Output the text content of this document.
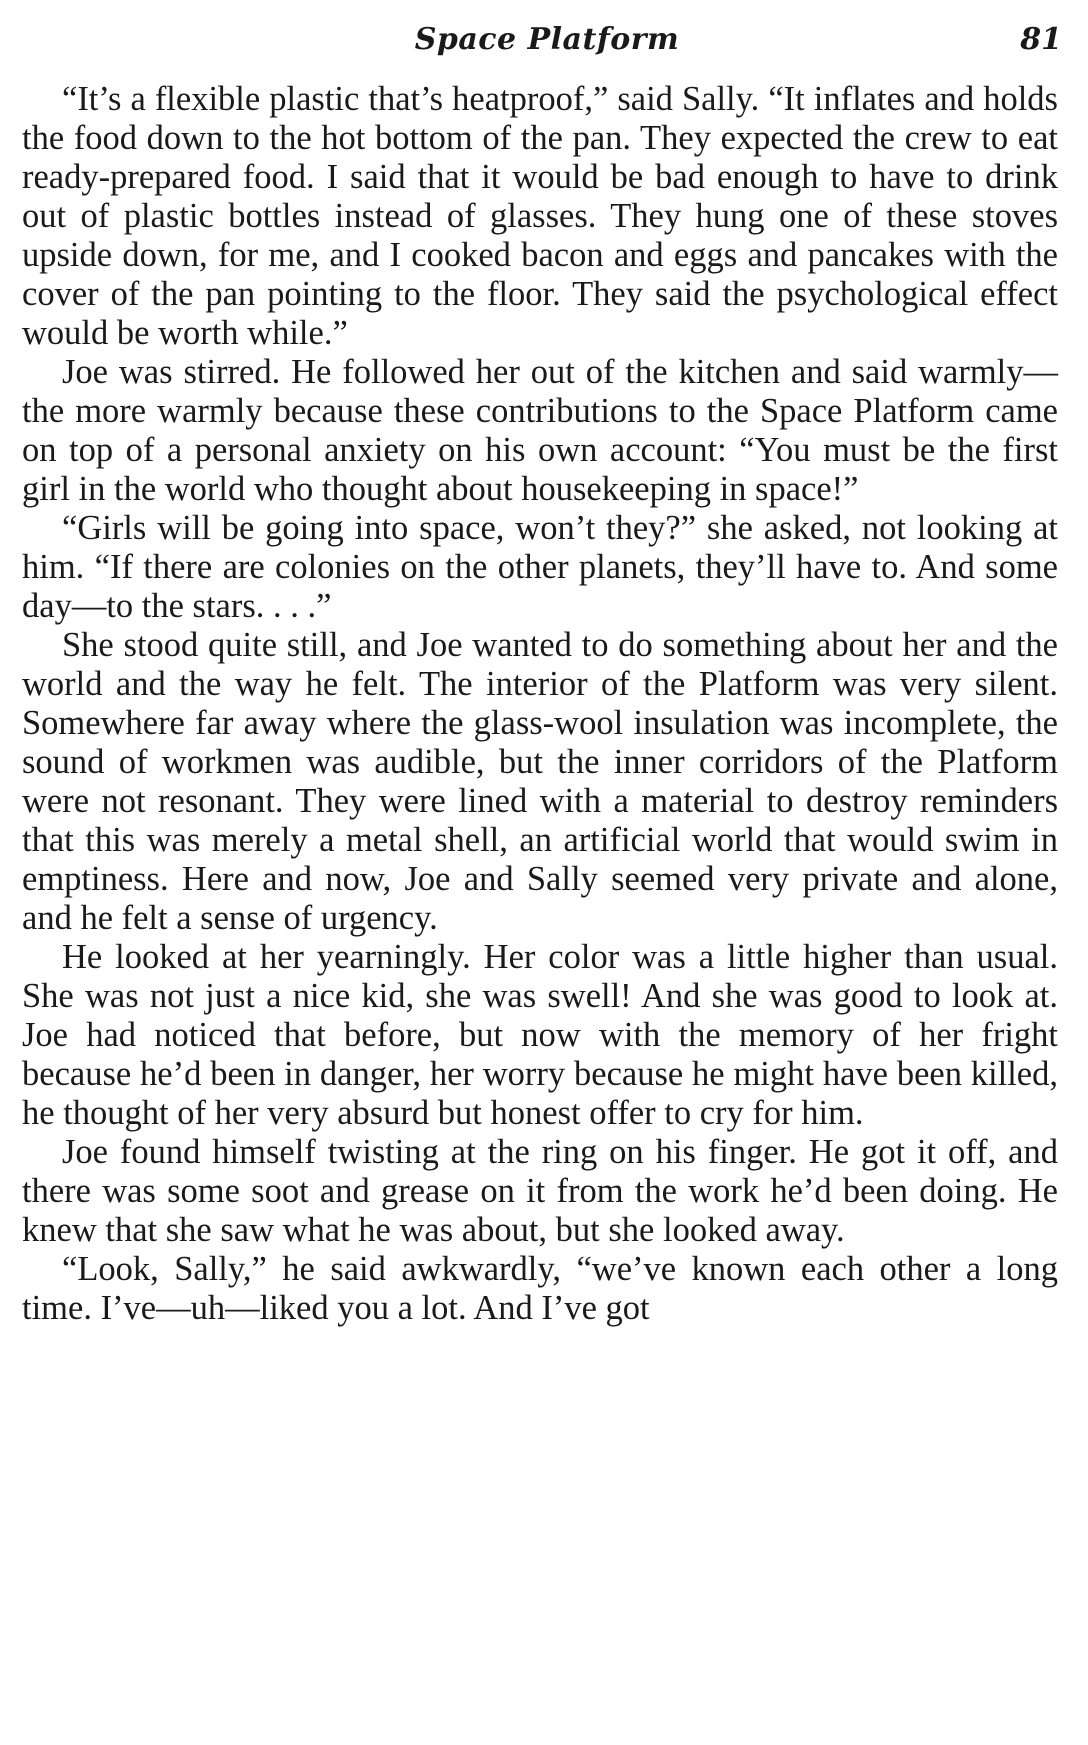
Space Platform	81

“It’s a flexible plastic that’s heatproof,” said Sally. “It inflates and holds the food down to the hot bottom of the pan. They expected the crew to eat ready-prepared food. I said that it would be bad enough to have to drink out of plastic bottles instead of glasses. They hung one of these stoves upside down, for me, and I cooked bacon and eggs and pancakes with the cover of the pan pointing to the floor. They said the psychological effect would be worth while.”

Joe was stirred. He followed her out of the kitchen and said warmly—the more warmly because these contributions to the Space Platform came on top of a personal anxiety on his own account: “You must be the first girl in the world who thought about housekeeping in space!”

“Girls will be going into space, won’t they?” she asked, not looking at him. “If there are colonies on the other planets, they’ll have to. And some day—to the stars. . . .”

She stood quite still, and Joe wanted to do something about her and the world and the way he felt. The interior of the Platform was very silent. Somewhere far away where the glass-wool insulation was incomplete, the sound of workmen was audible, but the inner corridors of the Platform were not resonant. They were lined with a material to destroy reminders that this was merely a metal shell, an artificial world that would swim in emptiness. Here and now, Joe and Sally seemed very private and alone, and he felt a sense of urgency.

He looked at her yearningly. Her color was a little higher than usual. She was not just a nice kid, she was swell! And she was good to look at. Joe had noticed that before, but now with the memory of her fright because he’d been in danger, her worry because he might have been killed, he thought of her very absurd but honest offer to cry for him.

Joe found himself twisting at the ring on his finger. He got it off, and there was some soot and grease on it from the work he’d been doing. He knew that she saw what he was about, but she looked away.

“Look, Sally,” he said awkwardly, “we’ve known each other a long time. I’ve—uh—liked you a lot. And I’ve got
